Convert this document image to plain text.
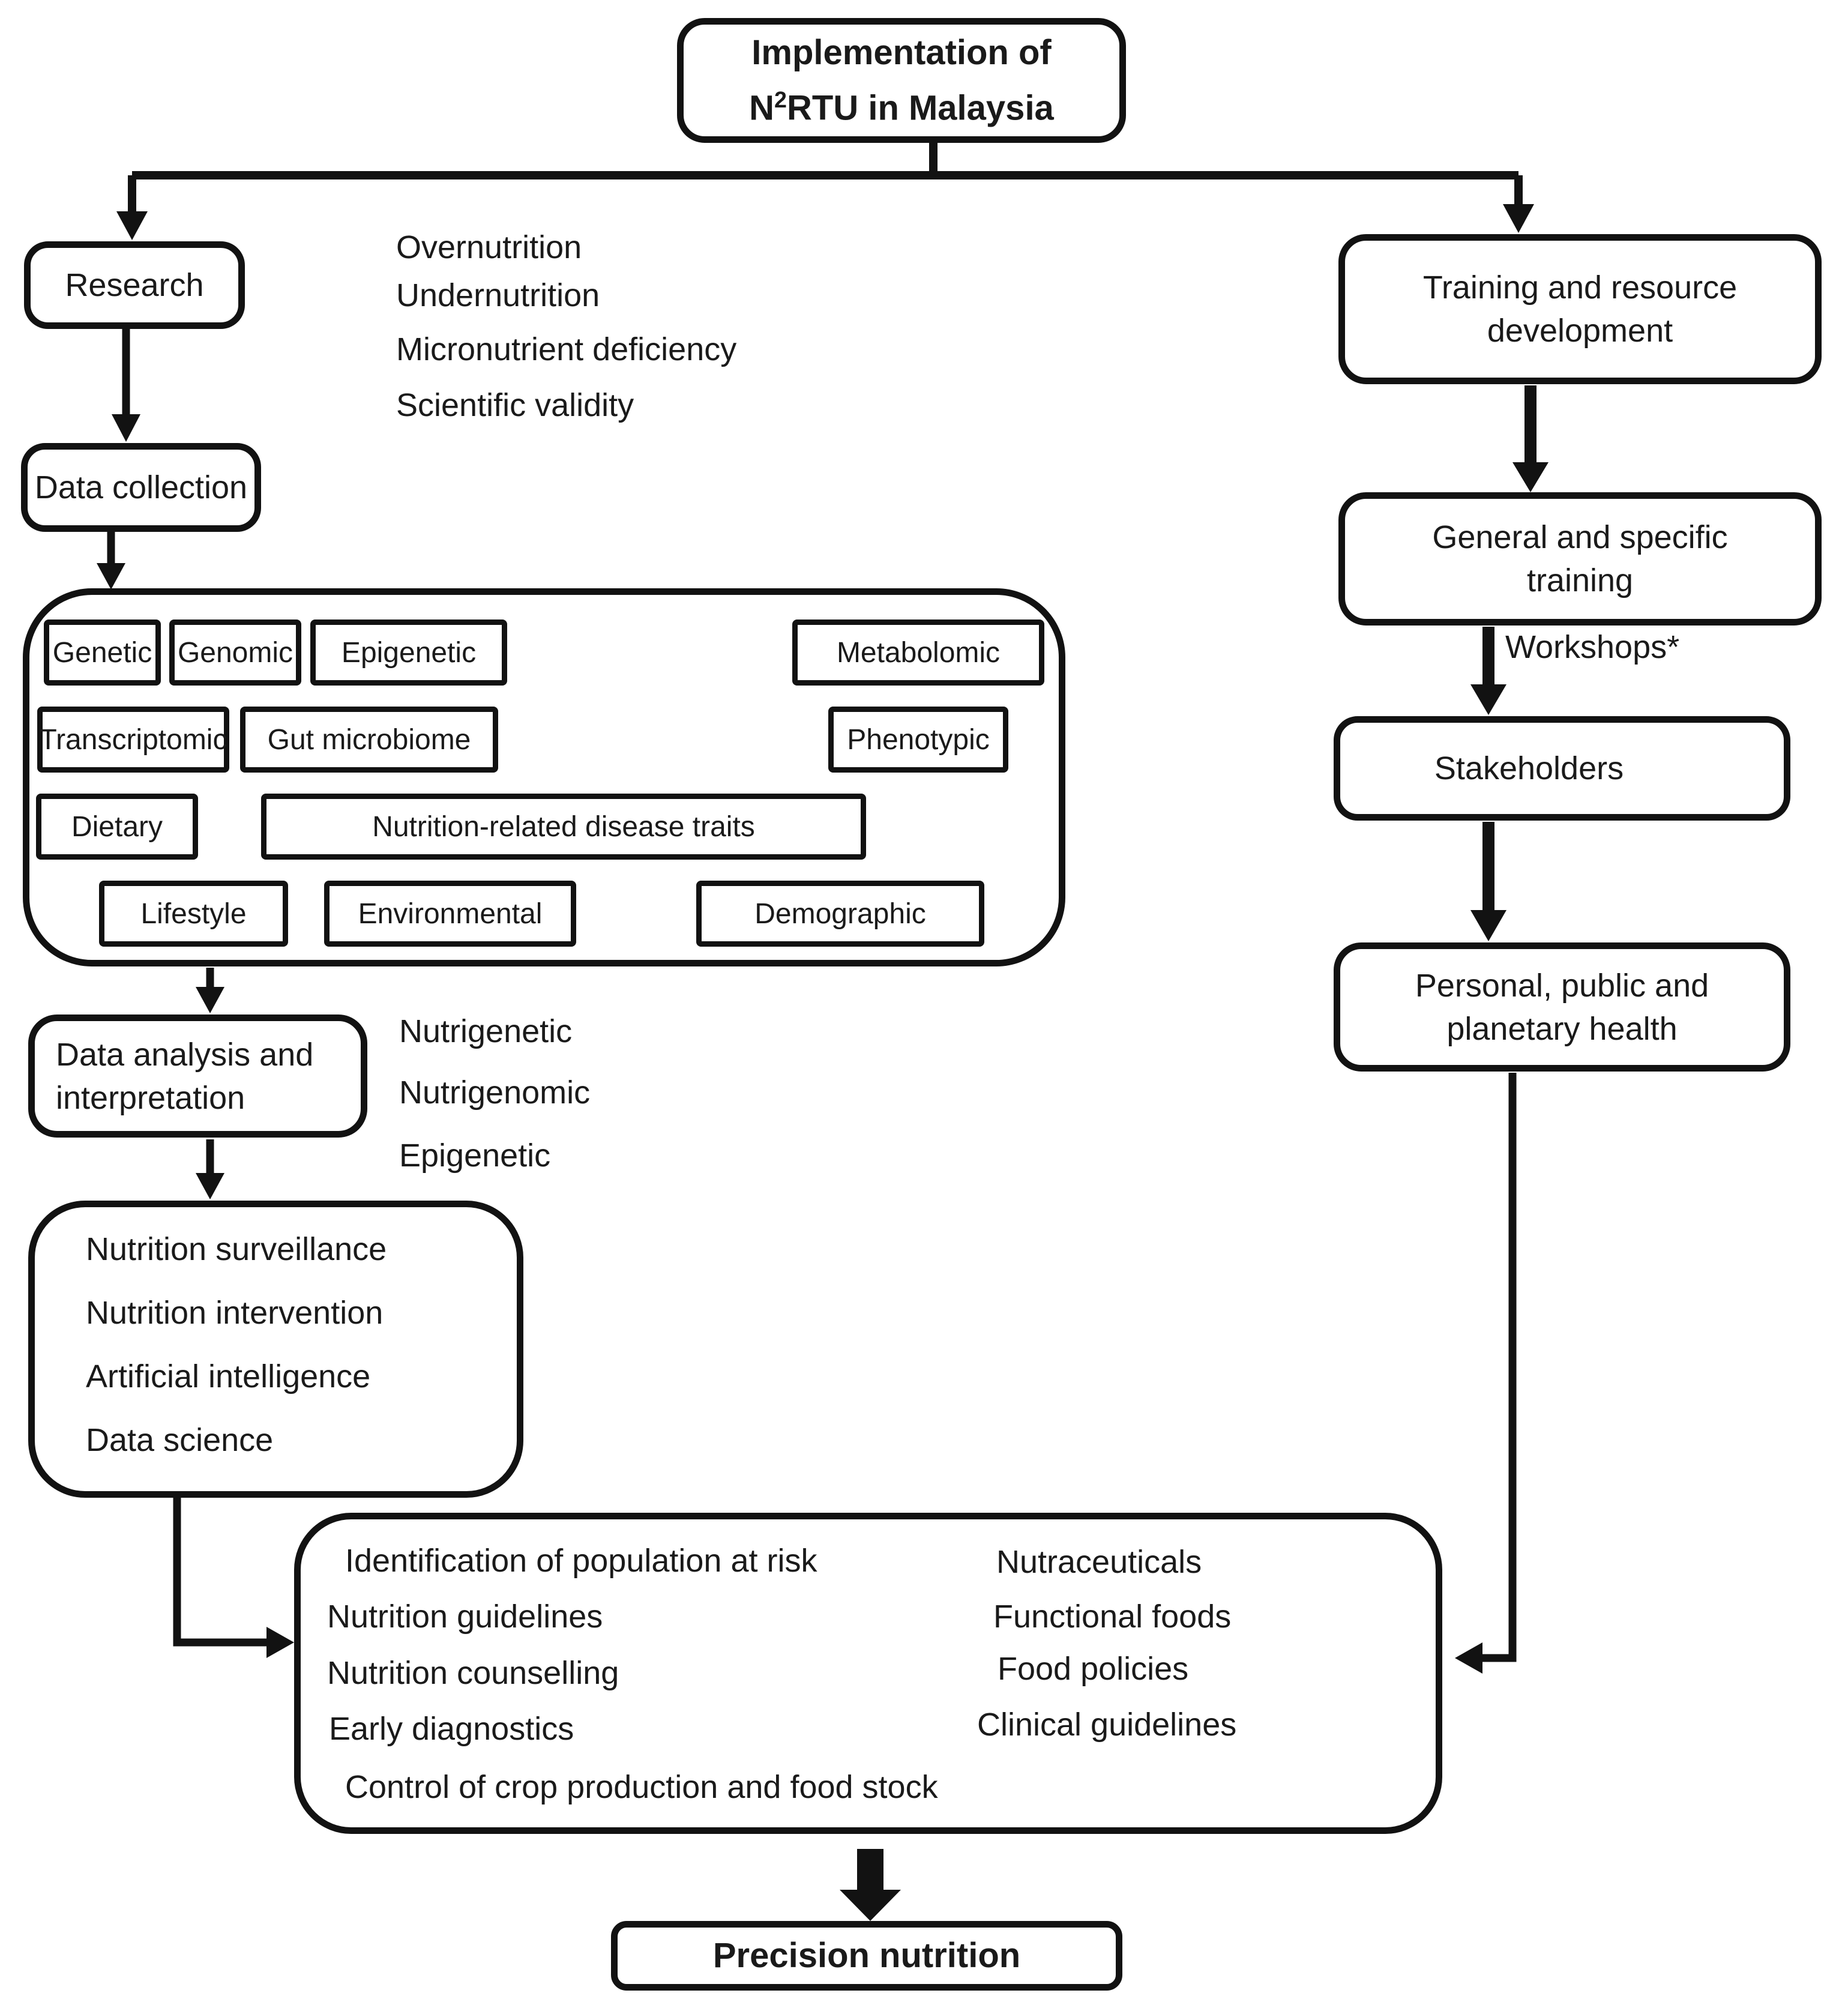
Implementation of
$N^2RTU$ in Malaysia
Research
Overnutrition
Undernutrition
Micronutrient deficiency
Scientific validity
Data collection
Genetic Genomic	Epigenetic	Metabolomic
Transcriptomic	Gut microbiome	Phenotypic
Dietary	Nutrition-related disease traits
Lifestyle	Environmental	Demographic
Data analysis and
interpretation
Nutrigenetic
Nutrigenomic
Epigenetic
Nutrition surveillance
Nutrition intervention
Artificial intelligence
Data science
Identification of population at risk
Nutrition guidelines
Nutrition counselling
Early diagnostics
Nutraceuticals
Functional foods
Food policies
Clinical guidelines
Control of crop production and food stock
Precision nutrition
Training and resource
development
General and specific
training
Workshops*
Stakeholders
Personal, public and
planetary health
